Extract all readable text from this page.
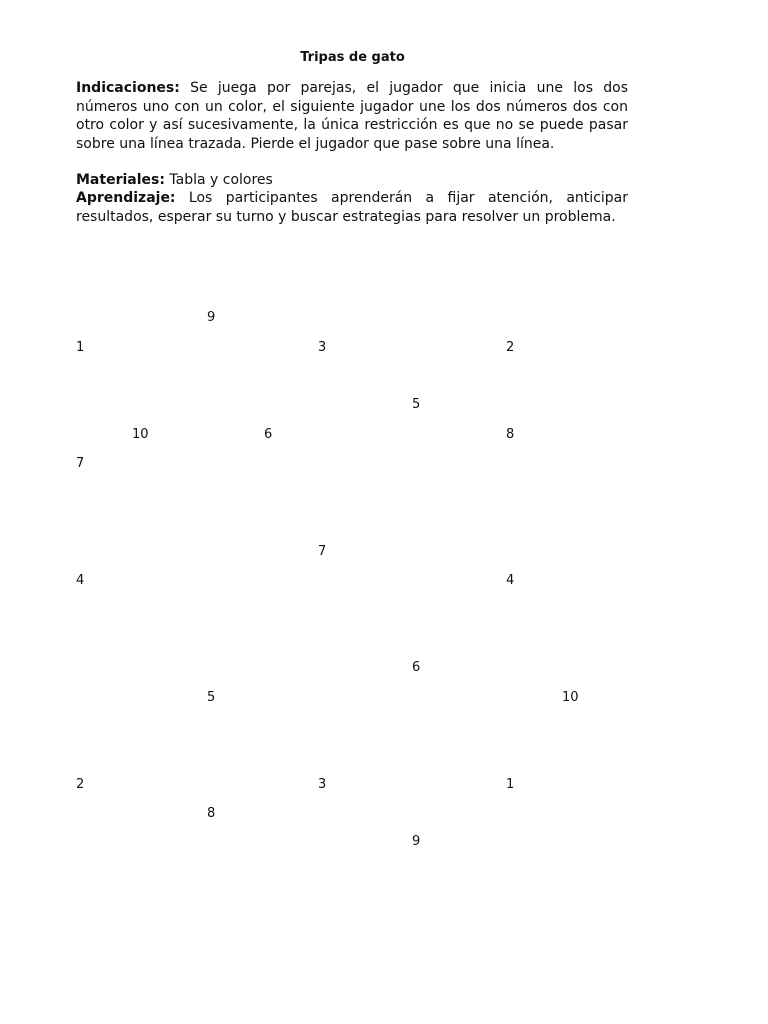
Tripas de gato

Indicaciones: Se juega por parejas, el jugador que inicia une los dos números uno con un color, el siguiente jugador une los dos números dos con otro color y así sucesivamente, la única restricción es que no se puede pasar sobre una línea trazada. Pierde el jugador que pase sobre una línea.

Materiales: Tabla y colores

Aprendizaje: Los participantes aprenderán a fijar atención, anticipar resultados, esperar su turno y buscar estrategias para resolver un problema.

9
1	3	2
5
10	6	8
7
7
4	4
6
5	10
2	3	1
8
9
